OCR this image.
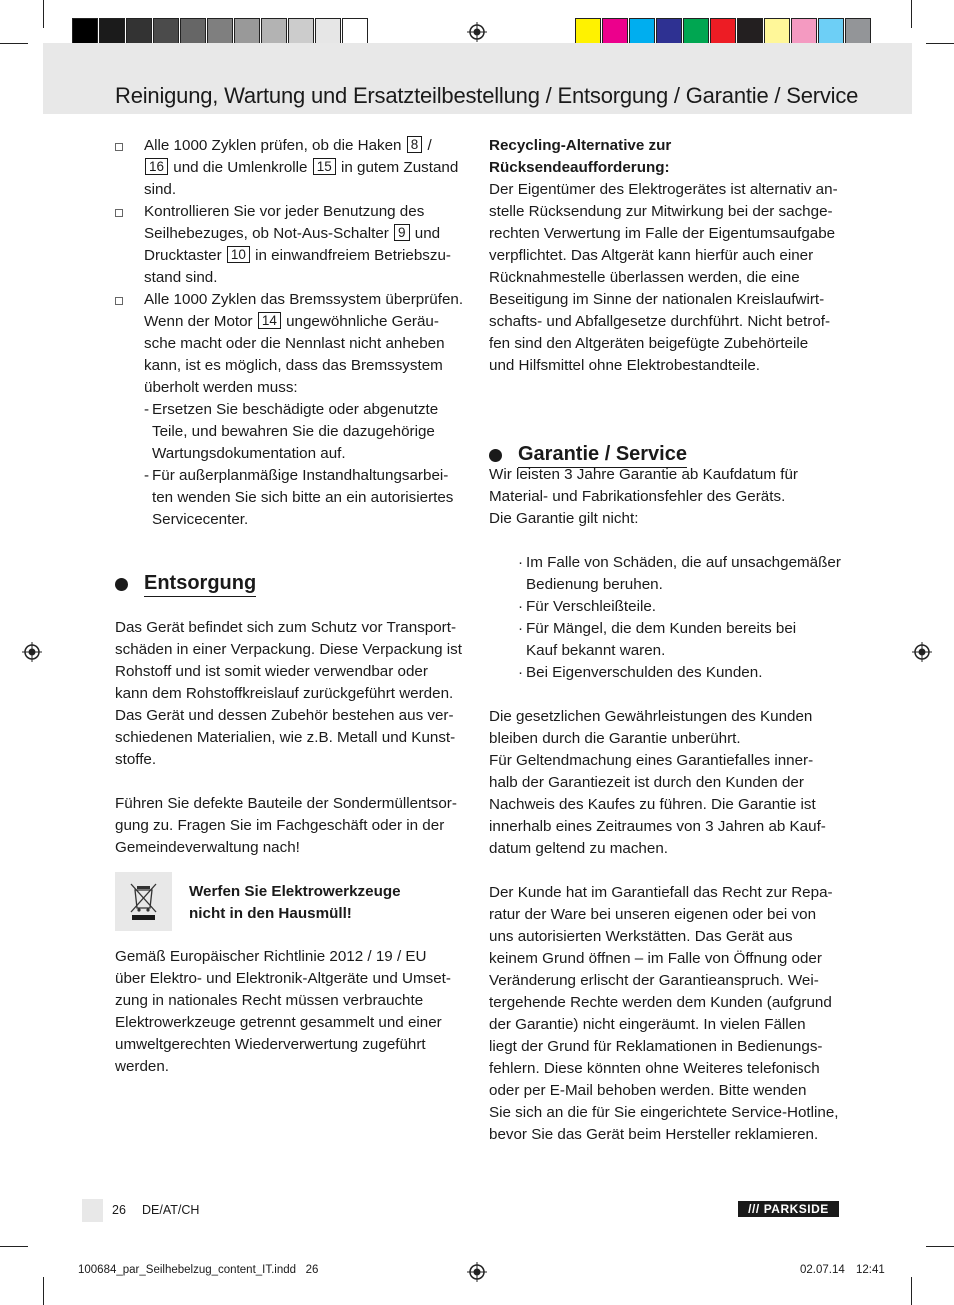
Reinigung, Wartung und Ersatzteilbestellung / Entsorgung / Garantie / Service
Alle 1000 Zyklen prüfen, ob die Haken 8 /
16 und die Umlenkrolle 15 in gutem Zustand
sind.
Kontrollieren Sie vor jeder Benutzung des
Seilhebezuges, ob Not-Aus-Schalter 9 und
Drucktaster 10 in einwandfreiem Betriebszu-
stand sind.
Alle 1000 Zyklen das Bremssystem überprüfen.
Wenn der Motor 14 ungewöhnliche Geräu-
sche macht oder die Nennlast nicht anheben
kann, ist es möglich, dass das Bremssystem
überholt werden muss:
- Ersetzen Sie beschädigte oder abgenutzte
Teile, und bewahren Sie die dazugehörige
Wartungsdokumentation auf.
- Für außerplanmäßige Instandhaltungsarbei-
ten wenden Sie sich bitte an ein autorisiertes
Servicecenter.
Entsorgung

Das Gerät befindet sich zum Schutz vor Transport-
schäden in einer Verpackung. Diese Verpackung ist
Rohstoff und ist somit wieder verwendbar oder
kann dem Rohstoffkreislauf zurückgeführt werden.
Das Gerät und dessen Zubehör bestehen aus ver-
schiedenen Materialien, wie z.B. Metall und Kunst-
stoffe.

Führen Sie defekte Bauteile der Sondermüllentsor-
gung zu. Fragen Sie im Fachgeschäft oder in der
Gemeindeverwaltung nach!

Werfen Sie Elektrowerkzeuge
nicht in den Hausmüll!

Gemäß Europäischer Richtlinie 2012 / 19 / EU
über Elektro- und Elektronik-Altgeräte und Umset-
zung in nationales Recht müssen verbrauchte
Elektrowerkzeuge getrennt gesammelt und einer
umweltgerechten Wiederverwertung zugeführt
werden.

Recycling-Alternative zur
Rücksendeaufforderung:

Der Eigentümer des Elektrogerätes ist alternativ an-
stelle Rücksendung zur Mitwirkung bei der sachge-
rechten Verwertung im Falle der Eigentumsaufgabe
verpflichtet. Das Altgerät kann hierfür auch einer
Rücknahmestelle überlassen werden, die eine
Beseitigung im Sinne der nationalen Kreislaufwirt-
schafts- und Abfallgesetze durchführt. Nicht betrof-
fen sind den Altgeräten beigefügte Zubehörteile
und Hilfsmittel ohne Elektrobestandteile.

Garantie / Service

Wir leisten 3 Jahre Garantie ab Kaufdatum für
Material- und Fabrikationsfehler des Geräts.
Die Garantie gilt nicht:

· Im Falle von Schäden, die auf unsachgemäßer
Bedienung beruhen.
· Für Verschleißteile.
· Für Mängel, die dem Kunden bereits bei
Kauf bekannt waren.
· Bei Eigenverschulden des Kunden.

Die gesetzlichen Gewährleistungen des Kunden
bleiben durch die Garantie unberührt.
Für Geltendmachung eines Garantiefalles inner-
halb der Garantiezeit ist durch den Kunden der
Nachweis des Kaufes zu führen. Die Garantie ist
innerhalb eines Zeitraumes von 3 Jahren ab Kauf-
datum geltend zu machen.

Der Kunde hat im Garantiefall das Recht zur Repa-
ratur der Ware bei unseren eigenen oder bei von
uns autorisierten Werkstätten. Das Gerät aus
keinem Grund öffnen – im Falle von Öffnung oder
Veränderung erlischt der Garantieanspruch. Wei-
tergehende Rechte werden dem Kunden (aufgrund
der Garantie) nicht eingeräumt. In vielen Fällen
liegt der Grund für Reklamationen in Bedienungs-
fehlern. Diese könnten ohne Weiteres telefonisch
oder per E-Mail behoben werden. Bitte wenden
Sie sich an die für Sie eingerichtete Service-Hotline,
bevor Sie das Gerät beim Hersteller reklamieren.

26 DE/AT/CH	/// PARKSIDE
100684_par_Seilhebelzug_content_IT.indd   26	02.07.14 12:41
